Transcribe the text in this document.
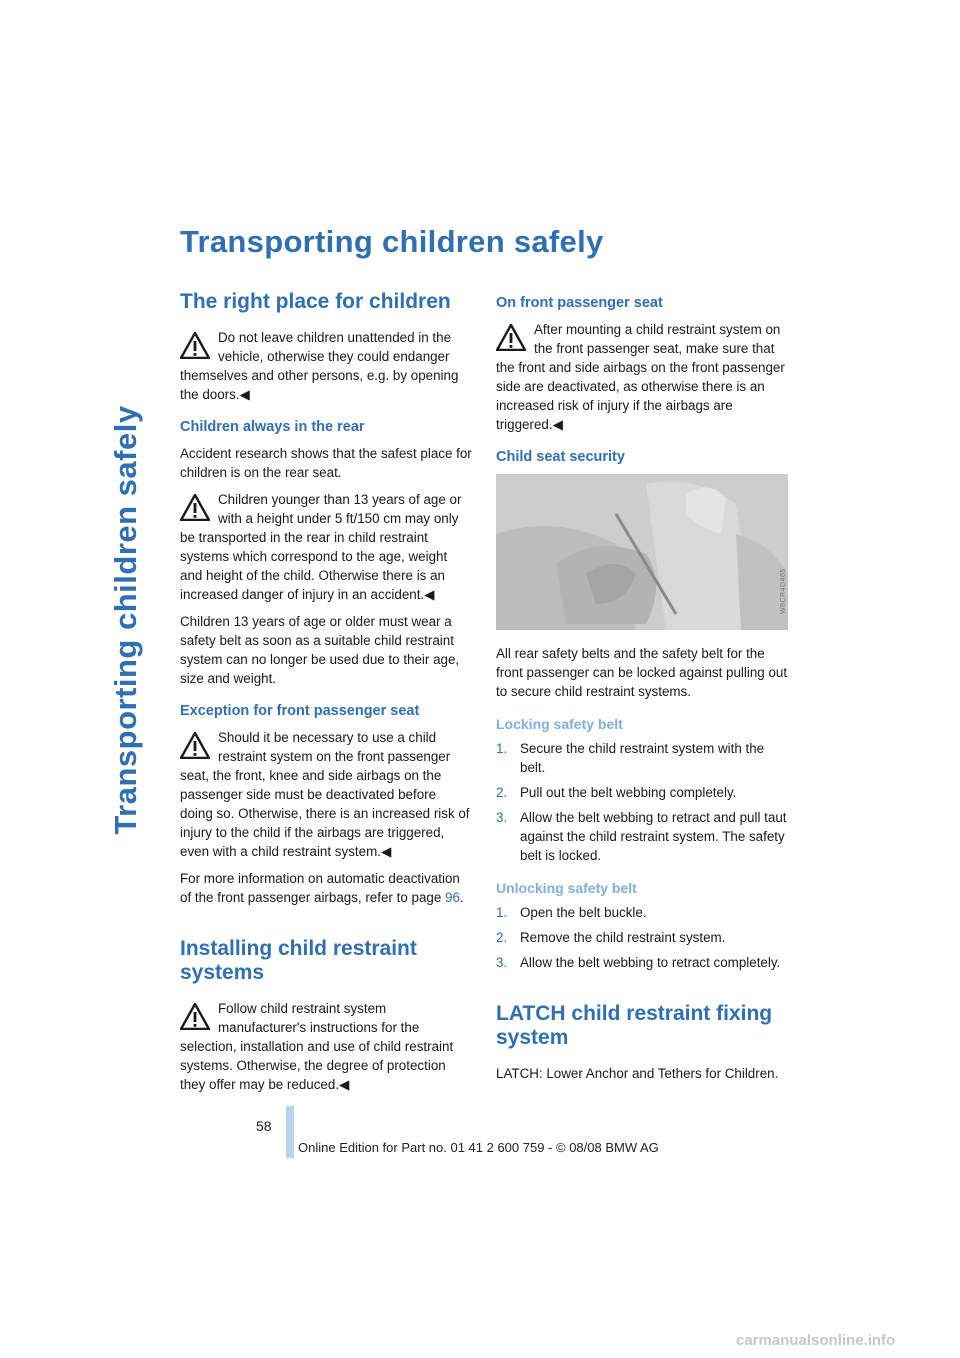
Transporting children safely
Transporting children safely
The right place for children

Do not leave children unattended in the vehicle, otherwise they could endanger themselves and other persons, e.g. by opening the doors.◀

Children always in the rear

Accident research shows that the safest place for children is on the rear seat.

Children younger than 13 years of age or with a height under 5 ft/150 cm may only be transported in the rear in child restraint systems which correspond to the age, weight and height of the child. Otherwise there is an increased danger of injury in an accident.◀

Children 13 years of age or older must wear a safety belt as soon as a suitable child restraint system can no longer be used due to their age, size and weight.

Exception for front passenger seat

Should it be necessary to use a child restraint system on the front passenger seat, the front, knee and side airbags on the passenger side must be deactivated before doing so. Otherwise, there is an increased risk of injury to the child if the airbags are triggered, even with a child restraint system.◀

For more information on automatic deactivation of the front passenger airbags, refer to page 96.

Installing child restraint systems

Follow child restraint system manufacturer's instructions for the selection, installation and use of child restraint systems. Otherwise, the degree of protection they offer may be reduced.◀

On front passenger seat

After mounting a child restraint system on the front passenger seat, make sure that the front and side airbags on the front passenger side are deactivated, as otherwise there is an increased risk of injury if the airbags are triggered.◀

Child seat security
W8CR4D465

All rear safety belts and the safety belt for the front passenger can be locked against pulling out to secure child restraint systems.

Locking safety belt
1. Secure the child restraint system with the belt.
2. Pull out the belt webbing completely.
3. Allow the belt webbing to retract and pull taut against the child restraint system. The safety belt is locked.
Unlocking safety belt
1. Open the belt buckle.
2. Remove the child restraint system.
3. Allow the belt webbing to retract completely.
LATCH child restraint fixing system

LATCH: Lower Anchor and Tethers for Children.

58
Online Edition for Part no. 01 41 2 600 759 - © 08/08 BMW AG
carmanualsonline.info
